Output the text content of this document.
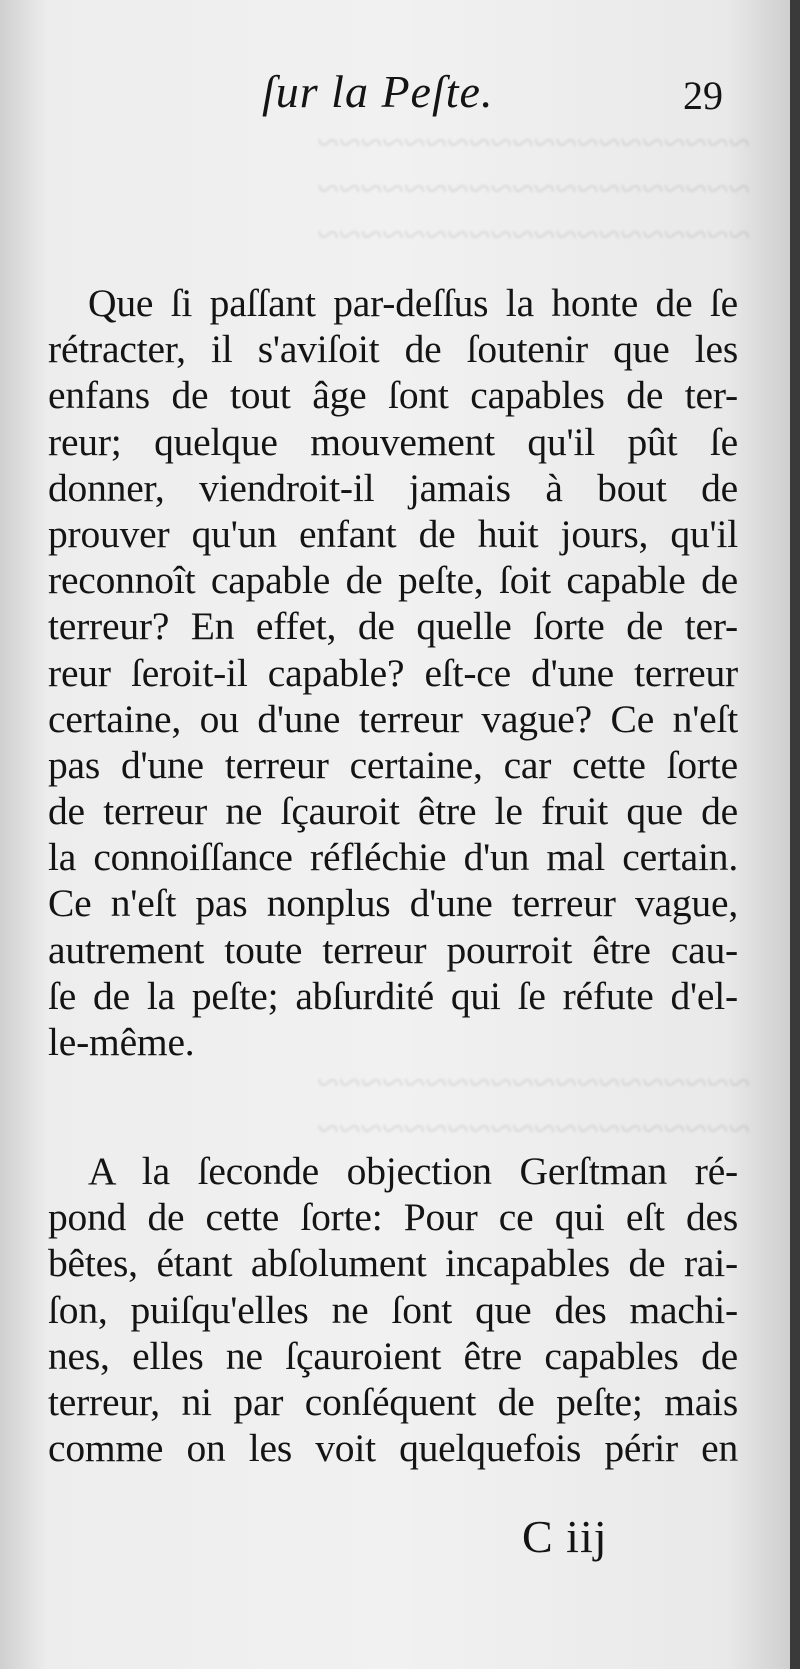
~~~~~~~~~~~~~~~~~~~~
~~~~~~~~~~~~~~~~~~~~
~~~~~~~~~~~~~~~~~~~~
~~~~~~~~~~~~~~~~~~~~
~~~~~~~~~~~~~~~~~~~~
ſur la Peſte.	29
Que ſi paſſant par-deſſus la honte de ſe
rétracter, il s'aviſoit de ſoutenir que les
enfans de tout âge ſont capables de ter-
reur; quelque mouvement qu'il pût ſe
donner, viendroit-il jamais à bout de
prouver qu'un enfant de huit jours, qu'il
reconnoît capable de peſte, ſoit capable de
terreur? En effet, de quelle ſorte de ter-
reur ſeroit-il capable? eſt-ce d'une terreur
certaine, ou d'une terreur vague? Ce n'eſt
pas d'une terreur certaine, car cette ſorte
de terreur ne ſçauroit être le fruit que de
la connoiſſance réfléchie d'un mal certain.
Ce n'eſt pas nonplus d'une terreur vague,
autrement toute terreur pourroit être cau-
ſe de la peſte; abſurdité qui ſe réfute d'el-
le-même.
A la ſeconde objection Gerſtman ré-
pond de cette ſorte: Pour ce qui eſt des
bêtes, étant abſolument incapables de rai-
ſon, puiſqu'elles ne ſont que des machi-
nes, elles ne ſçauroient être capables de
terreur, ni par conſéquent de peſte; mais
comme on les voit quelquefois périr en
C iij
